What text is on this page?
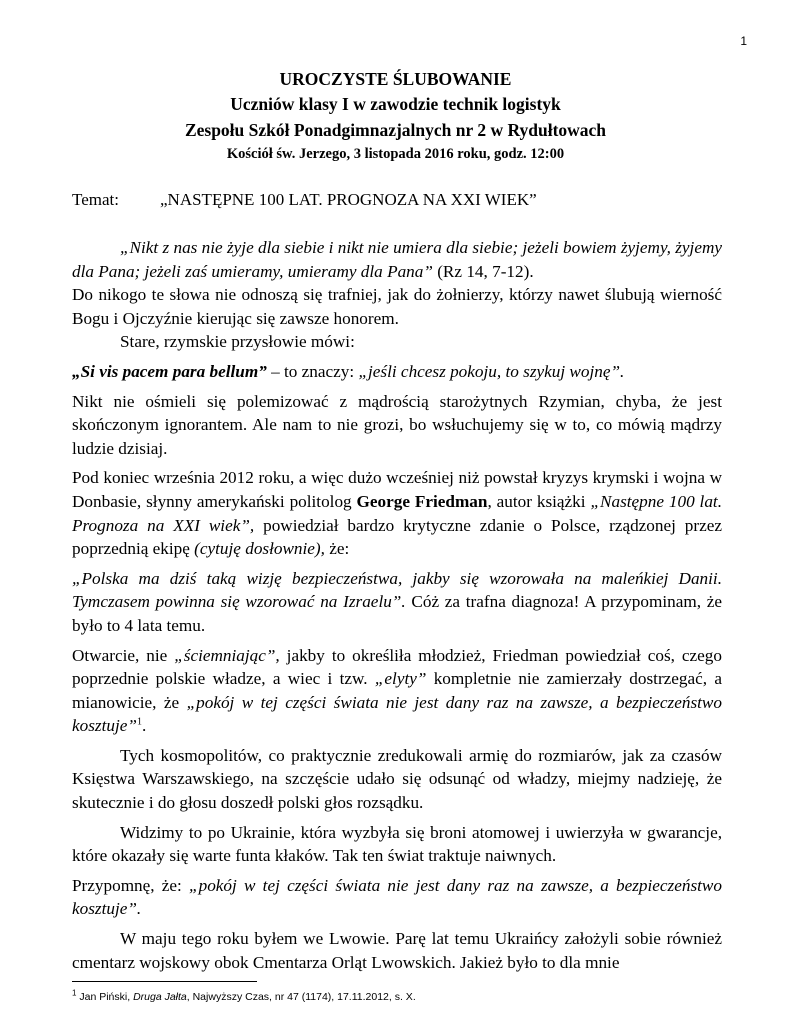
1
UROCZYSTE ŚLUBOWANIE
Uczniów klasy I w zawodzie technik logistyk
Zespołu Szkół Ponadgimnazjalnych nr 2 w Rydułtowach
Kościół św. Jerzego, 3 listopada 2016 roku, godz. 12:00
Temat: „NASTĘPNE 100 LAT. PROGNOZA NA XXI WIEK”

„Nikt z nas nie żyje dla siebie i nikt nie umiera dla siebie; jeżeli bowiem żyjemy, żyjemy dla Pana; jeżeli zaś umieramy, umieramy dla Pana” (Rz 14, 7-12).

Do nikogo te słowa nie odnoszą się trafniej, jak do żołnierzy, którzy nawet ślubują wierność Bogu i Ojczyźnie kierując się zawsze honorem.

Stare, rzymskie przysłowie mówi:

„Si vis pacem para bellum” – to znaczy: „jeśli chcesz pokoju, to szykuj wojnę”.

Nikt nie ośmieli się polemizować z mądrością starożytnych Rzymian, chyba, że jest skończonym ignorantem. Ale nam to nie grozi, bo wsłuchujemy się w to, co mówią mądrzy ludzie dzisiaj.

Pod koniec września 2012 roku, a więc dużo wcześniej niż powstał kryzys krymski i wojna w Donbasie, słynny amerykański politolog George Friedman, autor książki „Następne 100 lat. Prognoza na XXI wiek”, powiedział bardzo krytyczne zdanie o Polsce, rządzonej przez poprzednią ekipę (cytuję dosłownie), że:

„Polska ma dziś taką wizję bezpieczeństwa, jakby się wzorowała na maleńkiej Danii. Tymczasem powinna się wzorować na Izraelu”. Cóż za trafna diagnoza! A przypominam, że było to 4 lata temu.

Otwarcie, nie „ściemniając”, jakby to określiła młodzież, Friedman powiedział coś, czego poprzednie polskie władze, a wiec i tzw. „elyty” kompletnie nie zamierzały dostrzegać, a mianowicie, że „pokój w tej części świata nie jest dany raz na zawsze, a bezpieczeństwo kosztuje”$^1$.

Tych kosmopolitów, co praktycznie zredukowali armię do rozmiarów, jak za czasów Księstwa Warszawskiego, na szczęście udało się odsunąć od władzy, miejmy nadzieję, że skutecznie i do głosu doszedł polski głos rozsądku.

Widzimy to po Ukrainie, która wyzbyła się broni atomowej i uwierzyła w gwarancje, które okazały się warte funta kłaków. Tak ten świat traktuje naiwnych.

Przypomnę, że: „pokój w tej części świata nie jest dany raz na zawsze, a bezpieczeństwo kosztuje”.

W maju tego roku byłem we Lwowie. Parę lat temu Ukraińcy założyli sobie również cmentarz wojskowy obok Cmentarza Orląt Lwowskich. Jakież było to dla mnie

$^1$ Jan Piński, Druga Jałta, Najwyższy Czas, nr 47 (1174), 17.11.2012, s. X.
